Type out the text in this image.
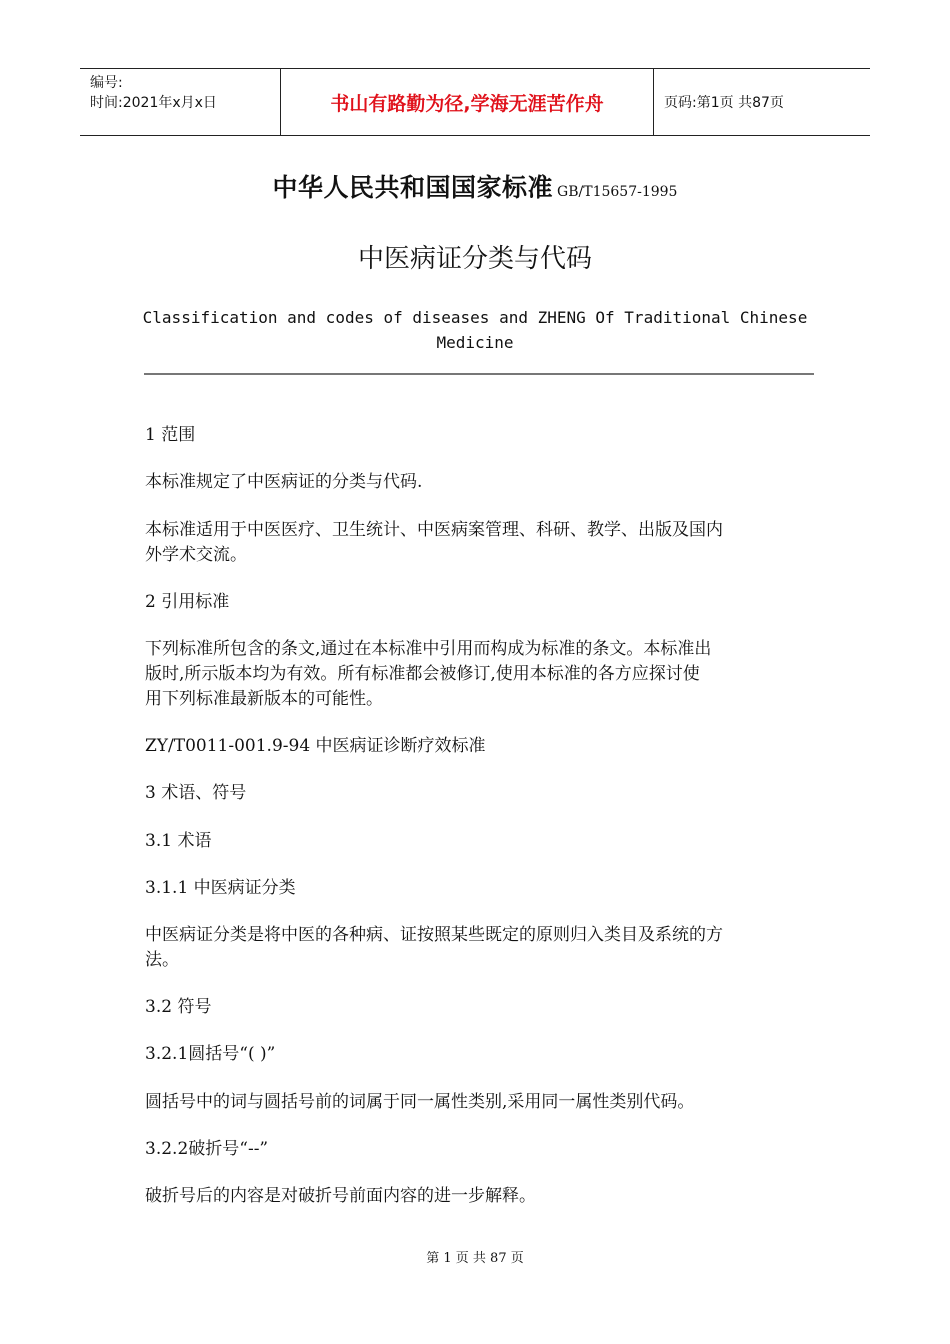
编号:
时间:2021年x月x日	书山有路勤为径,学海无涯苦作舟	页码:第1页 共87页
中华人民共和国国家标准 GB/T15657-1995
中医病证分类与代码
Classification and codes of diseases and ZHENG Of Traditional Chinese
Medicine
1 范围
本标准规定了中医病证的分类与代码.
本标准适用于中医医疗、卫生统计、中医病案管理、科研、教学、出版及国内
外学术交流。
2 引用标准
下列标准所包含的条文,通过在本标准中引用而构成为标准的条文。本标准出
版时,所示版本均为有效。所有标准都会被修订,使用本标准的各方应探讨使
用下列标准最新版本的可能性。
ZY/T0011-001.9-94 中医病证诊断疗效标准
3 术语、符号
3.1 术语
3.1.1 中医病证分类
中医病证分类是将中医的各种病、证按照某些既定的原则归入类目及系统的方
法。
3.2 符号
3.2.1圆括号“( )”
圆括号中的词与圆括号前的词属于同一属性类别,采用同一属性类别代码。
3.2.2破折号“--”
破折号后的内容是对破折号前面内容的进一步解释。
第 1 页 共 87 页
